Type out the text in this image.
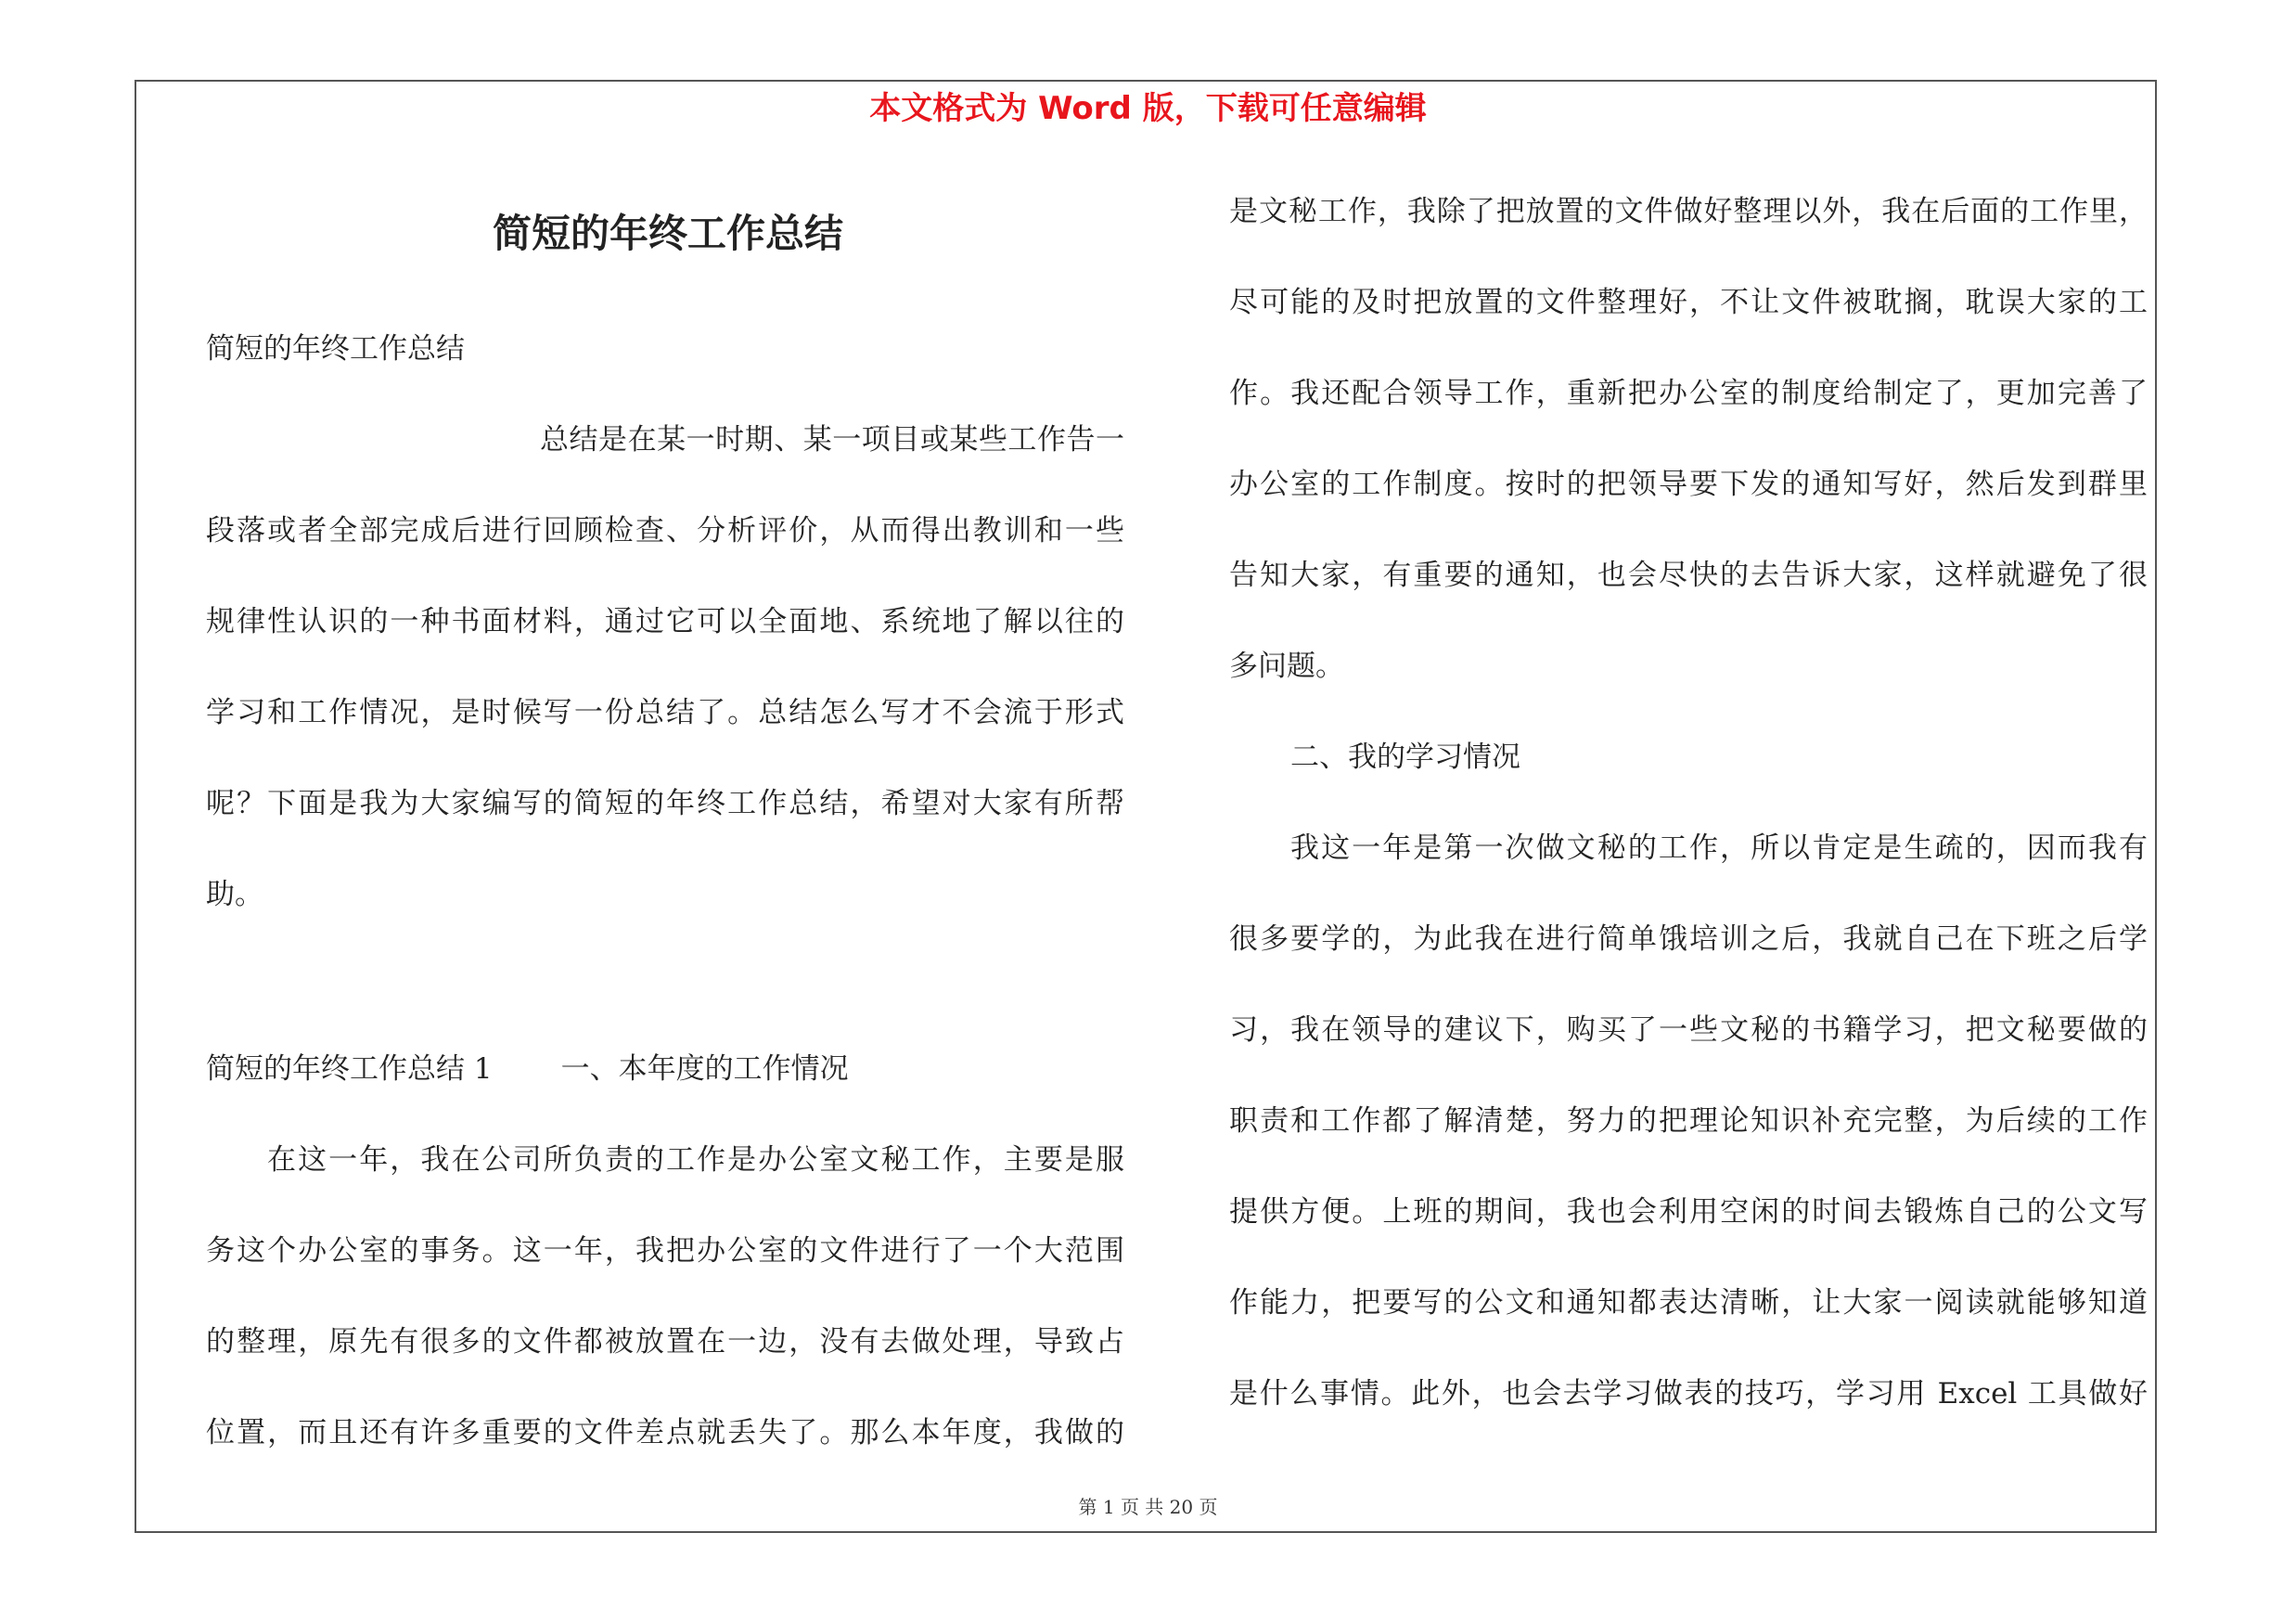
本文格式为 Word 版，下载可任意编辑
简短的年终工作总结
简短的年终工作总结
总结是在某一时期、某一项目或某些工作告一
段落或者全部完成后进行回顾检查、分析评价，从而得出教训和一些
规律性认识的一种书面材料，通过它可以全面地、系统地了解以往的
学习和工作情况，是时候写一份总结了。总结怎么写才不会流于形式
呢？下面是我为大家编写的简短的年终工作总结，希望对大家有所帮
助。
简短的年终工作总结 1 一、本年度的工作情况
在这一年，我在公司所负责的工作是办公室文秘工作，主要是服
务这个办公室的事务。这一年，我把办公室的文件进行了一个大范围
的整理，原先有很多的文件都被放置在一边，没有去做处理，导致占
位置，而且还有许多重要的文件差点就丢失了。那么本年度，我做的
是文秘工作，我除了把放置的文件做好整理以外，我在后面的工作里，
尽可能的及时把放置的文件整理好，不让文件被耽搁，耽误大家的工
作。我还配合领导工作，重新把办公室的制度给制定了，更加完善了
办公室的工作制度。按时的把领导要下发的通知写好，然后发到群里
告知大家，有重要的通知，也会尽快的去告诉大家，这样就避免了很
多问题。
二、我的学习情况
我这一年是第一次做文秘的工作，所以肯定是生疏的，因而我有
很多要学的，为此我在进行简单饿培训之后，我就自己在下班之后学
习，我在领导的建议下，购买了一些文秘的书籍学习，把文秘要做的
职责和工作都了解清楚，努力的把理论知识补充完整，为后续的工作
提供方便。上班的期间，我也会利用空闲的时间去锻炼自己的公文写
作能力，把要写的公文和通知都表达清晰，让大家一阅读就能够知道
是什么事情。此外，也会去学习做表的技巧，学习用 Excel 工具做好
第 1 页 共 20 页
